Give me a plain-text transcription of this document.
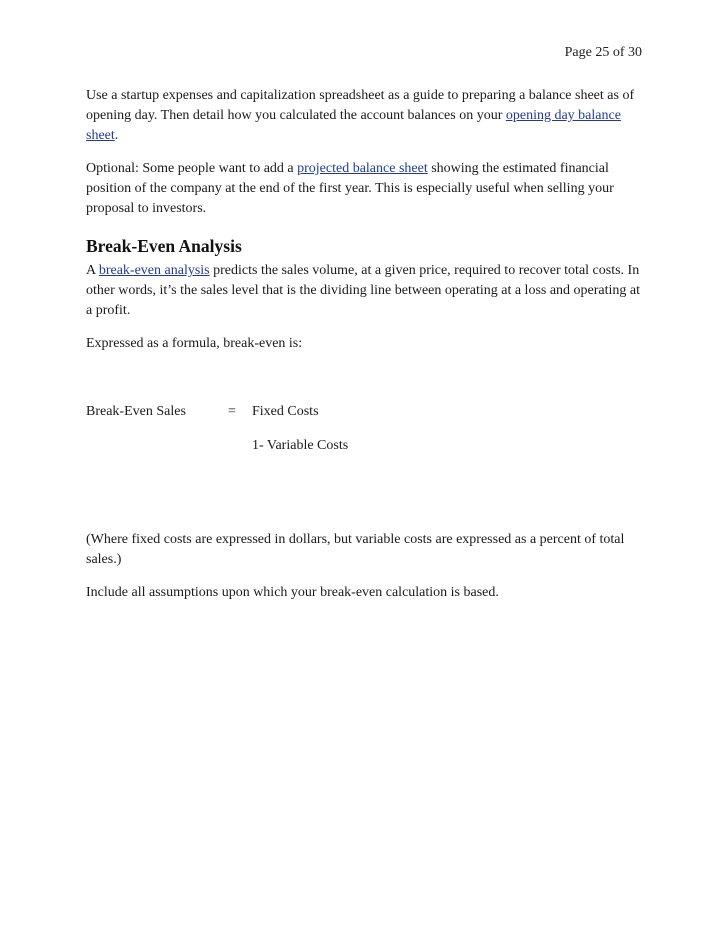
Page 25 of 30

Use a startup expenses and capitalization spreadsheet as a guide to preparing a balance sheet as of opening day. Then detail how you calculated the account balances on your opening day balance sheet.

Optional: Some people want to add a projected balance sheet showing the estimated financial position of the company at the end of the first year. This is especially useful when selling your proposal to investors.

Break-Even Analysis

A break-even analysis predicts the sales volume, at a given price, required to recover total costs. In other words, it’s the sales level that is the dividing line between operating at a loss and operating at a profit.

Expressed as a formula, break-even is:

Break-Even Sales	= Fixed Costs
1- Variable Costs

(Where fixed costs are expressed in dollars, but variable costs are expressed as a percent of total sales.)

Include all assumptions upon which your break-even calculation is based.
